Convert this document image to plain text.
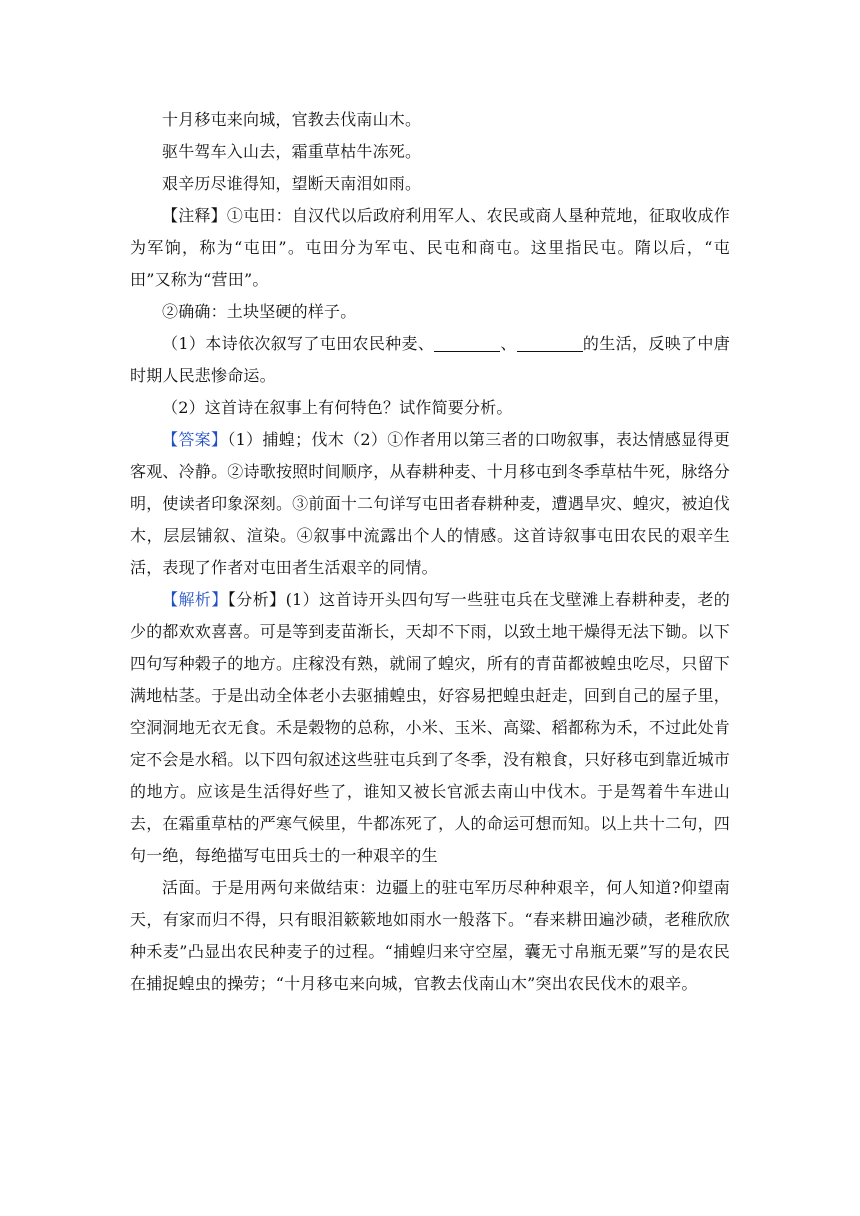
十月移屯来向城，官教去伐南山木。

驱牛驾车入山去，霜重草枯牛冻死。

艰辛历尽谁得知，望断天南泪如雨。

【注释】①屯田：自汉代以后政府利用军人、农民或商人垦种荒地，征取收成作为军饷，称为“屯田”。屯田分为军屯、民屯和商屯。这里指民屯。隋以后，“屯田”又称为“营田”。

②确确：土块坚硬的样子。

（1）本诗依次叙写了屯田农民种麦、	、	的生活，反映了中唐时期人民悲惨命运。

（2）这首诗在叙事上有何特色？试作简要分析。

【答案】（1）捕蝗；伐木（2）①作者用以第三者的口吻叙事，表达情感显得更客观、冷静。②诗歌按照时间顺序，从春耕种麦、十月移屯到冬季草枯牛死，脉络分明，使读者印象深刻。③前面十二句详写屯田者春耕种麦，遭遇旱灾、蝗灾，被迫伐木，层层铺叙、渲染。④叙事中流露出个人的情感。这首诗叙事屯田农民的艰辛生活，表现了作者对屯田者生活艰辛的同情。

【解析】【分析】(1）这首诗开头四句写一些驻屯兵在戈壁滩上春耕种麦，老的少的都欢欢喜喜。可是等到麦苗渐长，天却不下雨，以致土地干燥得无法下锄。以下四句写种榖子的地方。庄稼没有熟，就闹了蝗灾，所有的青苗都被蝗虫吃尽，只留下满地枯茎。于是出动全体老小去驱捕蝗虫，好容易把蝗虫赶走，回到自己的屋子里，空洞洞地无衣无食。禾是榖物的总称，小米、玉米、高粱、稻都称为禾，不过此处肯定不会是水稻。以下四句叙述这些驻屯兵到了冬季，没有粮食，只好移屯到靠近城市的地方。应该是生活得好些了，谁知又被长官派去南山中伐木。于是驾着牛车进山去，在霜重草枯的严寒气候里，牛都冻死了，人的命运可想而知。以上共十二句，四句一绝，每绝描写屯田兵士的一种艰辛的生

活面。于是用两句来做结束：边疆上的驻屯军历尽种种艰辛，何人知道?仰望南天，有家而归不得，只有眼泪簌簌地如雨水一般落下。“春来耕田遍沙碛，老稚欣欣种禾麦”凸显出农民种麦子的过程。“捕蝗归来守空屋，囊无寸帛瓶无粟”写的是农民在捕捉蝗虫的操劳；“十月移屯来向城，官教去伐南山木”突出农民伐木的艰辛。
